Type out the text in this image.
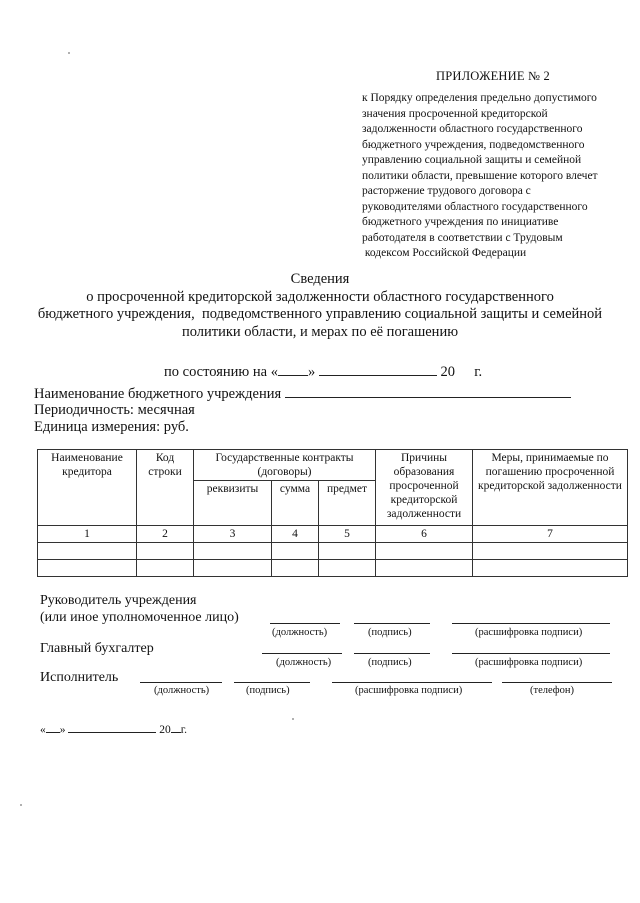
ПРИЛОЖЕНИЕ № 2
к Порядку определения предельно допустимого
значения просроченной кредиторской
задолженности областного государственного
бюджетного учреждения, подведомственного
управлению социальной защиты и семейной
политики области, превышение которого влечет
расторжение трудового договора с
руководителями областного государственного
бюджетного учреждения по инициативе
работодателя в соответствии с Трудовым
кодексом Российской Федерации
Сведения
о просроченной кредиторской задолженности областного государственного
бюджетного учреждения,  подведомственного управлению социальной защиты и семейной
политики области, и мерах по её погашению
по состоянию на « »	20 г.
Наименование бюджетного учреждения
Периодичность: месячная
Единица измерения: руб.
Наименование кредитора	Код строки	Государственные контракты (договоры)			Причины образования просроченной кредиторской задолженности	Меры, принимаемые по погашению просроченной кредиторской задолженности
		реквизиты	сумма	предмет		
1	2	3	4	5	6	7

Руководитель учреждения
(или иное уполномоченное лицо)
(должность)	(подпись)	(расшифровка подписи)
Главный бухгалтер
(должность)	(подпись)	(расшифровка подписи)
Исполнитель
(должность)	(подпись)	(расшифровка подписи)	(телефон)
« »	20 г.
